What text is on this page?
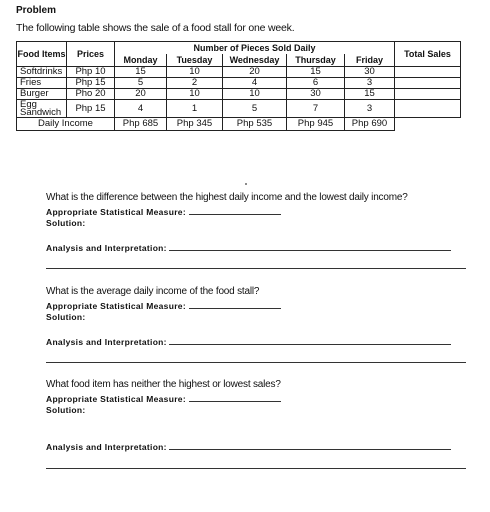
Problem
The following table shows the sale of a food stall for one week.
Food Items	Prices	Number of Pieces Sold Daily					Total Sales
		Monday	Tuesday	Wednesday	Thursday	Friday	
Softdrinks	Php 10	15	10	20	15	30	
Fries	Php 15	5	2	4	6	3	
Burger	Pho 20	20	10	10	30	15	
Egg Sandwich	Php 15	4	1	5	7	3	
Daily Income		Php 685	Php 345	Php 535	Php 945	Php 690	
What is the difference between the highest daily income and the lowest daily income?
Appropriate Statistical Measure:
Solution:
Analysis and Interpretation:
What is the average daily income of the food stall?
Appropriate Statistical Measure:
Solution:
Analysis and Interpretation:
What food item has neither the highest or lowest sales?
Appropriate Statistical Measure:
Solution:
Analysis and Interpretation:
